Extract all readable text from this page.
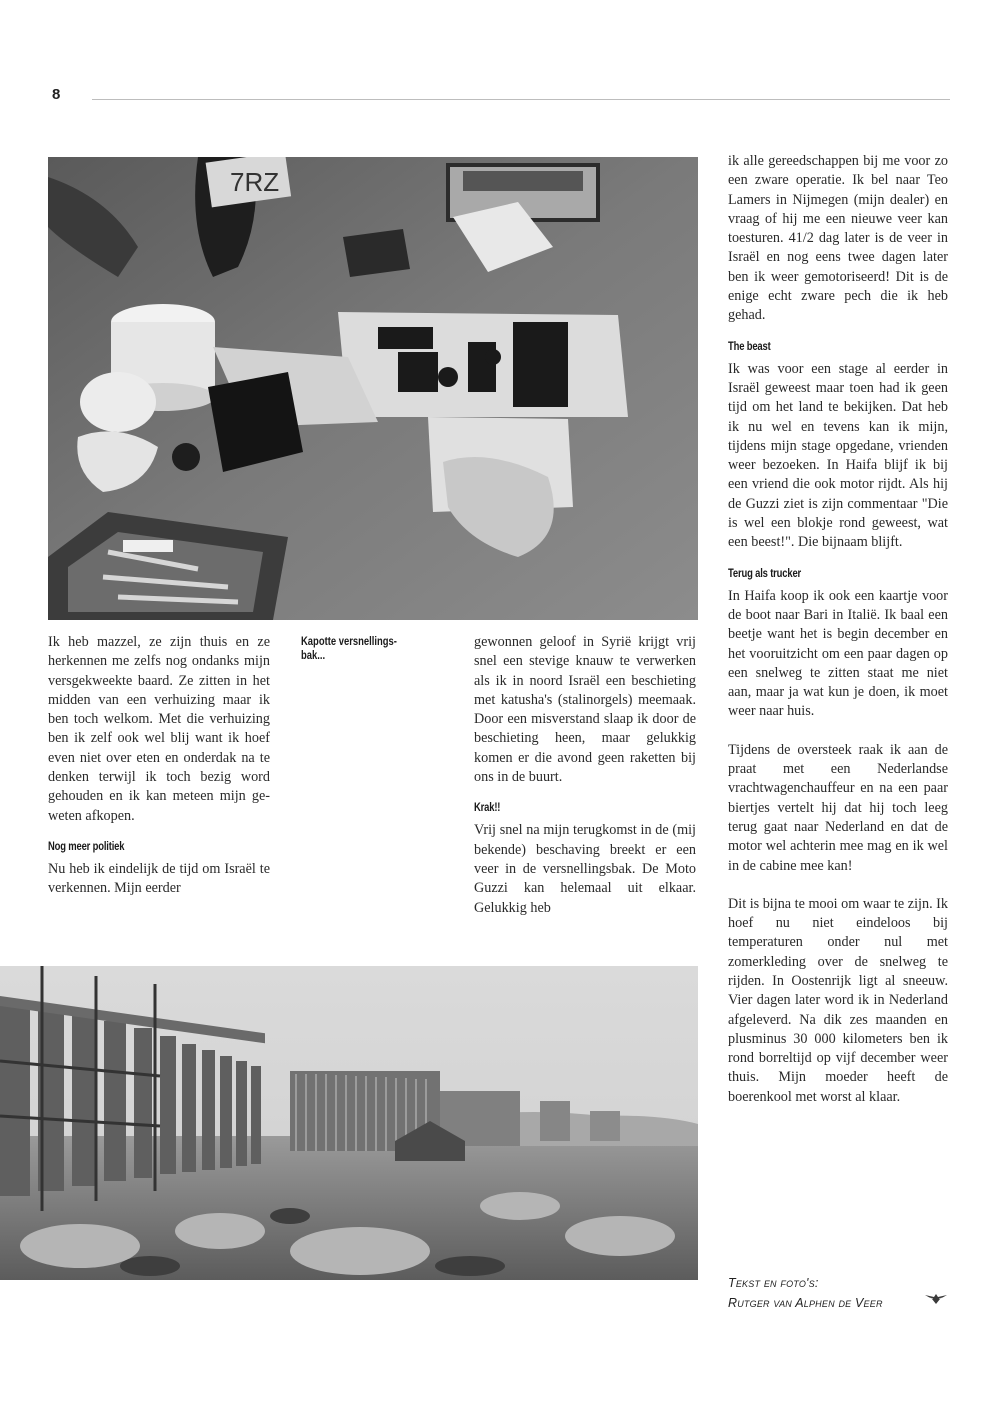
8
7RZ

Ik heb mazzel, ze zijn thuis en ze herkennen me zelfs nog ondanks mijn versgekweekte baard. Ze zitten in het midden van een verhuizing maar ik ben toch welkom. Met die verhuizing ben ik zelf ook wel blij want ik hoef even niet over eten en onderdak na te denken terwijl ik toch bezig word gehouden en ik kan meteen mijn geweten afkopen.

Nog meer politiek

Nu heb ik eindelijk de tijd om Israël te verkennen. Mijn eerder

Kapotte versnellings-
bak...

gewonnen geloof in Syrië krijgt vrij snel een stevige knauw te verwerken als ik in noord Israël een beschieting met katusha's (stalinorgels) meemaak. Door een misverstand slaap ik door de beschieting heen, maar gelukkig komen er die avond geen raketten bij ons in de buurt.

Krak!!

Vrij snel na mijn terugkomst in de (mij bekende) beschaving breekt er een veer in de versnellingsbak. De Moto Guzzi kan helemaal uit elkaar. Gelukkig heb

ik alle gereedschappen bij me voor zo een zware operatie. Ik bel naar Teo Lamers in Nijmegen (mijn dealer) en vraag of hij me een nieuwe veer kan toesturen. 41/2 dag later is de veer in Israël en nog eens twee dagen later ben ik weer gemotoriseerd! Dit is de enige echt zware pech die ik heb gehad.

The beast

Ik was voor een stage al eerder in Israël geweest maar toen had ik geen tijd om het land te bekijken. Dat heb ik nu wel en tevens kan ik mijn, tijdens mijn stage opgedane, vrienden weer bezoeken. In Haifa blijf ik bij een vriend die ook motor rijdt. Als hij de Guzzi ziet is zijn commentaar "Die is wel een blokje rond geweest, wat een beest!". Die bijnaam blijft.

Terug als trucker

In Haifa koop ik ook een kaartje voor de boot naar Bari in Italië. Ik baal een beetje want het is begin december en het vooruitzicht om een paar dagen op een snelweg te zitten staat me niet aan, maar ja wat kun je doen, ik moet weer naar huis.

Tijdens de oversteek raak ik aan de praat met een Nederlandse vrachtwagenchauffeur en na een paar biertjes vertelt hij dat hij toch leeg terug gaat naar Nederland en dat de motor wel achterin mee mag en ik wel in de cabine mee kan!

Dit is bijna te mooi om waar te zijn. Ik hoef nu niet eindeloos bij temperaturen onder nul met zomerkleding over de snelweg te rijden. In Oostenrijk ligt al sneeuw. Vier dagen later word ik in Nederland afgeleverd. Na dik zes maanden en plusminus 30 000 kilometers ben ik rond borreltijd op vijf december weer thuis. Mijn moeder heeft de boerenkool met worst al klaar.

Tekst en foto's:
Rutger van Alphen de Veer
